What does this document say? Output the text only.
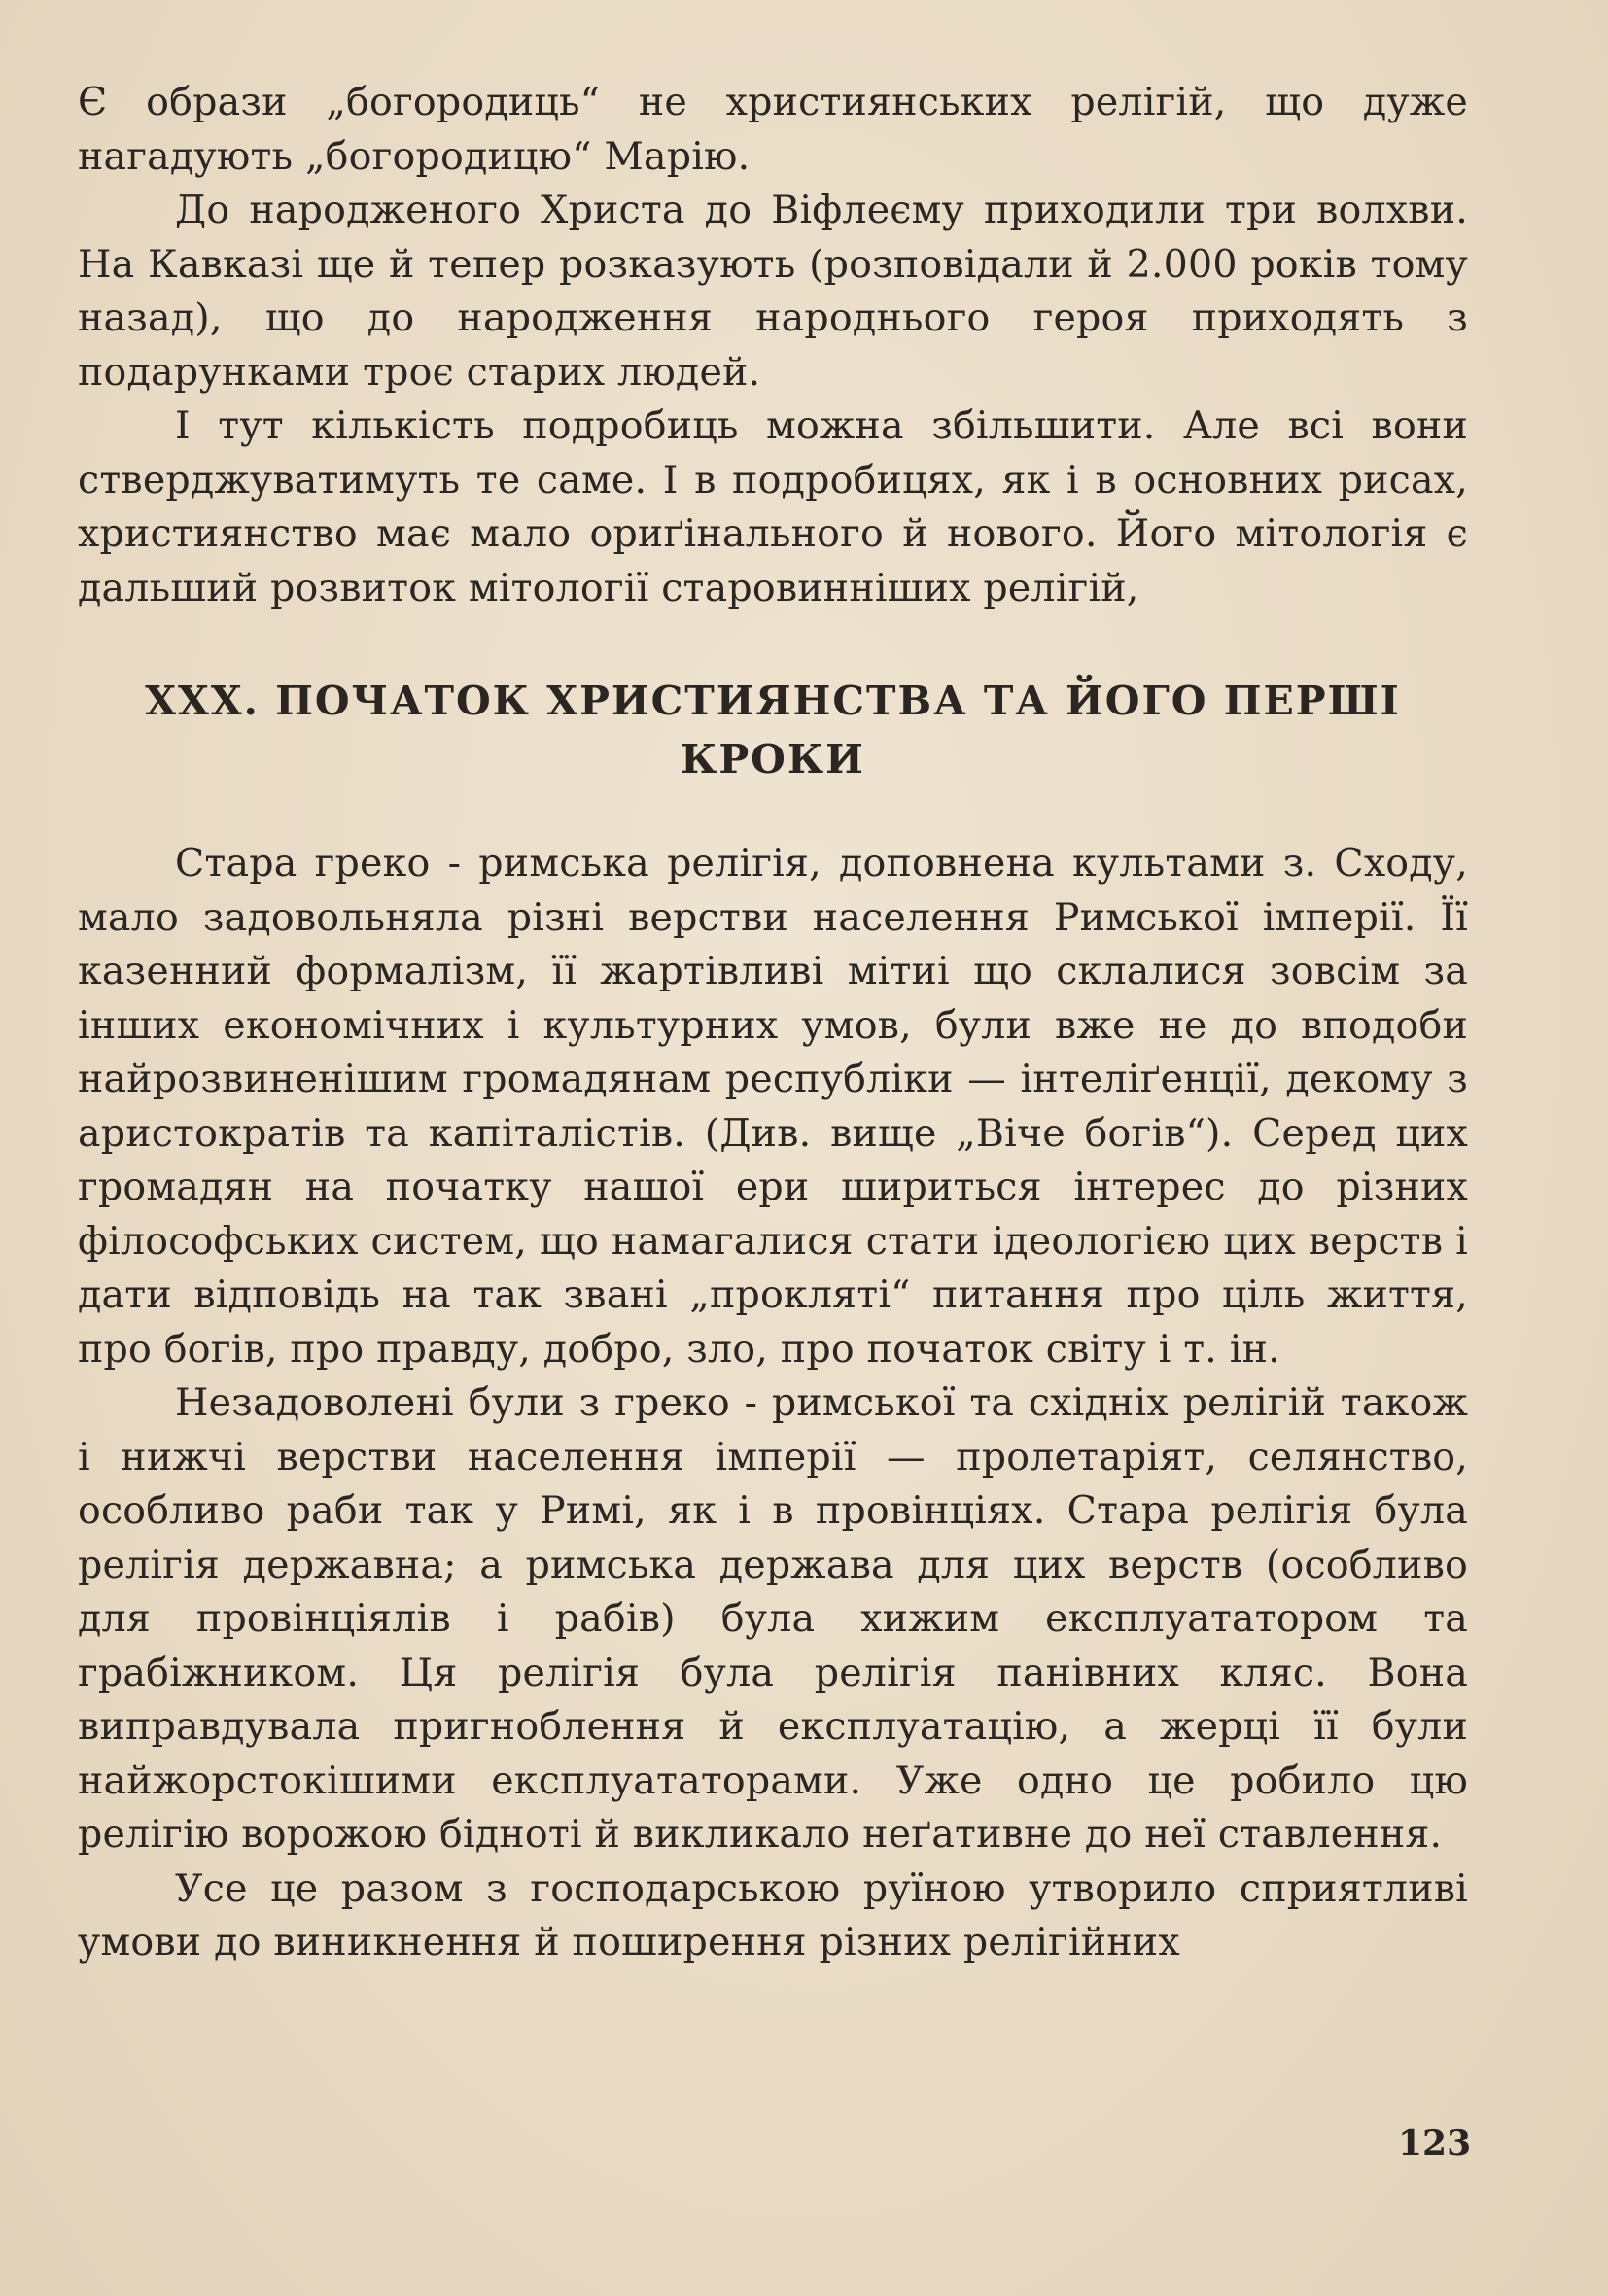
Є образи „богородиць“ не християнських релігій, що дуже нагадують „богородицю“ Марію.

До народженого Христа до Віфлеєму приходили три волхви. На Кавказі ще й тепер розказують (розповідали й 2.000 років тому назад), що до народження народнього героя приходять з подарунками троє старих людей.

І тут кількість подробиць можна збільшити. Але всі вони стверджуватимуть те саме. І в подробицях, як і в основних рисах, християнство має мало ориґінального й нового. Його мітологія є дальший розвиток мітології старовинніших релігій,

XXX. ПОЧАТОК ХРИСТИЯНСТВА ТА ЙОГО ПЕРШІ
КРОКИ

Стара греко - римська релігія, доповнена культами з. Сходу, мало задовольняла різні верстви населення Римської імперії. Її казенний формалізм, її жартівливі мітиі що склалися зовсім за інших економічних і культурних умов, були вже не до вподоби найрозвиненішим громадянам республіки — інтеліґенції, декому з аристократів та капіталістів. (Див. вище „Віче богів“). Серед цих громадян на початку нашої ери шириться інтерес до різних філософських систем, що намагалися стати ідеологією цих верств і дати відповідь на так звані „прокляті“ питання про ціль життя, про богів, про правду, добро, зло, про початок світу і т. ін.

Незадоволені були з греко - римської та східніх релігій також і нижчі верстви населення імперії — пролетаріят, селянство, особливо раби так у Римі, як і в провінціях. Стара релігія була релігія державна; а римська держава для цих верств (особливо для провінціялів і рабів) була хижим експлуататором та грабіжником. Ця релігія була релігія панівних кляс. Вона виправдувала пригноблення й експлуатацію, а жерці її були найжорстокішими експлуататорами. Уже одно це робило цю релігію ворожою бідноті й викликало неґативне до неї ставлення.

Усе це разом з господарською руїною утворило сприятливі умови до виникнення й поширення різних релігійних

123
